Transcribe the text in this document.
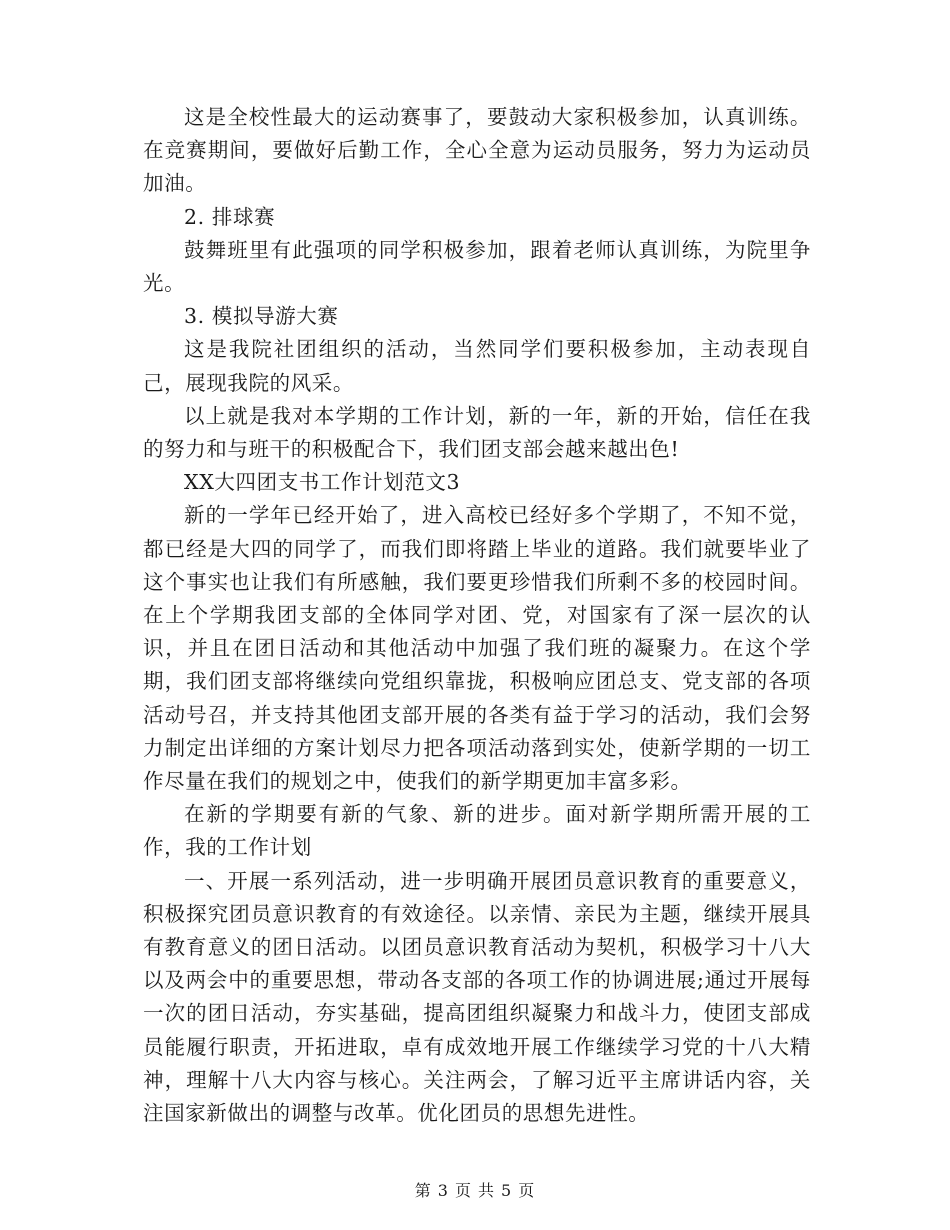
这是全校性最大的运动赛事了，要鼓动大家积极参加，认真训练。在竞赛期间，要做好后勤工作，全心全意为运动员服务，努力为运动员加油。

2. 排球赛

鼓舞班里有此强项的同学积极参加，跟着老师认真训练，为院里争光。

3. 模拟导游大赛

这是我院社团组织的活动，当然同学们要积极参加，主动表现自己，展现我院的风采。

以上就是我对本学期的工作计划，新的一年，新的开始，信任在我的努力和与班干的积极配合下，我们团支部会越来越出色!

XX大四团支书工作计划范文3

新的一学年已经开始了，进入高校已经好多个学期了，不知不觉，都已经是大四的同学了，而我们即将踏上毕业的道路。我们就要毕业了这个事实也让我们有所感触，我们要更珍惜我们所剩不多的校园时间。在上个学期我团支部的全体同学对团、党，对国家有了深一层次的认识，并且在团日活动和其他活动中加强了我们班的凝聚力。在这个学期，我们团支部将继续向党组织靠拢，积极响应团总支、党支部的各项活动号召，并支持其他团支部开展的各类有益于学习的活动，我们会努力制定出详细的方案计划尽力把各项活动落到实处，使新学期的一切工作尽量在我们的规划之中，使我们的新学期更加丰富多彩。

在新的学期要有新的气象、新的进步。面对新学期所需开展的工作，我的工作计划

一、开展一系列活动，进一步明确开展团员意识教育的重要意义，积极探究团员意识教育的有效途径。以亲情、亲民为主题，继续开展具有教育意义的团日活动。以团员意识教育活动为契机，积极学习十八大以及两会中的重要思想，带动各支部的各项工作的协调进展;通过开展每一次的团日活动，夯实基础，提高团组织凝聚力和战斗力，使团支部成员能履行职责，开拓进取，卓有成效地开展工作继续学习党的十八大精神，理解十八大内容与核心。关注两会，了解习近平主席讲话内容，关注国家新做出的调整与改革。优化团员的思想先进性。

第 3 页 共 5 页
